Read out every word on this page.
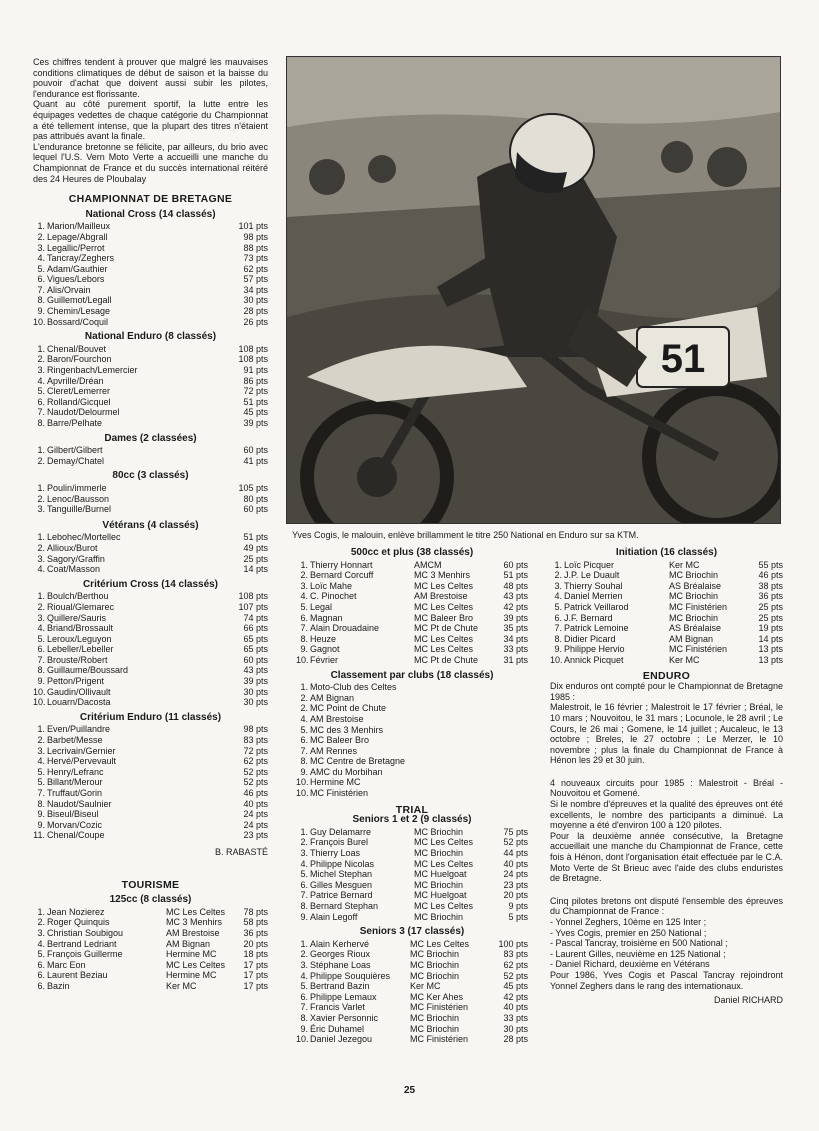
Ces chiffres tendent à prouver que malgré les mauvaises conditions climatiques de début de saison et la baisse du pouvoir d'achat que doivent aussi subir les pilotes, l'endurance est florissante.

Quant au côté purement sportif, la lutte entre les équipages vedettes de chaque catégorie du Championnat a été tellement intense, que la plupart des titres n'étaient pas attribués avant la finale.

L'endurance bretonne se félicite, par ailleurs, du brio avec lequel l'U.S. Vern Moto Verte a accueilli une manche du Championnat de France et du succès international réitéré des 24 Heures de Ploubalay

CHAMPIONNAT DE BRETAGNE
National Cross (14 classés)
1. Marion/Mailleux	101 pts
2. Lepage/Abgrall	98 pts
3. Legallic/Perrot	88 pts
4. Tancray/Zeghers	73 pts
5. Adam/Gauthier	62 pts
6. Vigues/Lebors	57 pts
7. Alis/Orvain	34 pts
8. Guillemot/Legall	30 pts
9. Chemin/Lesage	28 pts
10. Bossard/Coquil	26 pts
National Enduro (8 classés)
1. Chenal/Bouvet	108 pts
2. Baron/Fourchon	108 pts
3. Ringenbach/Lemercier	91 pts
4. Apvrille/Dréan	86 pts
5. Cleret/Lemerrer	72 pts
6. Rolland/Gicquel	51 pts
7. Naudot/Delourmel	45 pts
8. Barre/Pelhate	39 pts
Dames (2 classées)
1. Gilbert/Gilbert	60 pts
2. Demay/Chatel	41 pts
80cc (3 classés)
1. Poulin/immerle	105 pts
2. Lenoc/Bausson	80 pts
3. Tanguille/Burnel	60 pts
Vétérans (4 classés)
1. Lebohec/Mortellec	51 pts
2. Allioux/Burot	49 pts
3. Sagory/Graffin	25 pts
4. Coat/Masson	14 pts
Critérium Cross (14 classés)
1. Boulch/Berthou	108 pts
2. Rioual/Glemarec	107 pts
3. Quillere/Sauris	74 pts
4. Briand/Brossault	66 pts
5. Leroux/Leguyon	65 pts
6. Lebeller/Lebeller	65 pts
7. Brouste/Robert	60 pts
8. Guillaume/Boussard	43 pts
9. Petton/Prigent	39 pts
10. Gaudin/Ollivault	30 pts
10. Louarn/Dacosta	30 pts
Critérium Enduro (11 classés)
1. Even/Puillandre	98 pts
2. Barbet/Messe	83 pts
3. Lecrivain/Gernier	72 pts
4. Hervé/Pervevault	62 pts
5. Henry/Lefranc	52 pts
5. Billant/Merour	52 pts
7. Truffaut/Gorin	46 pts
8. Naudot/Saulnier	40 pts
9. Biseul/Biseul	24 pts
9. Morvan/Cozic	24 pts
11. Chenal/Coupe	23 pts
B. RABASTÉ
TOURISME
125cc (8 classés)
1. Jean Nozierez	MC Les Celtes	78 pts
2. Roger Quinquis	MC 3 Menhirs	58 pts
3. Christian Soubigou	AM Brestoise	36 pts
4. Bertrand Ledriant	AM Bignan	20 pts
5. François Guillerme	Hermine MC	18 pts
6. Marc Eon	MC Les Celtes	17 pts
6. Laurent Beziau	Hermine MC	17 pts
6. Bazin	Ker MC	17 pts
51
Yves Cogis, le malouin, enlève brillamment le titre 250 National en Enduro sur sa KTM.
500cc et plus (38 classés)
1. Thierry Honnart	AMCM	60 pts
2. Bernard Corcuff	MC 3 Menhirs	51 pts
3. Loïc Mahe	MC Les Celtes	48 pts
4. C. Pinochet	AM Brestoise	43 pts
5. Legal	MC Les Celtes	42 pts
6. Magnan	MC Baleer Bro	39 pts
7. Alain Drouadaine	MC Pt de Chute	35 pts
8. Heuze	MC Les Celtes	34 pts
9. Gagnot	MC Les Celtes	33 pts
10. Février	MC Pt de Chute	31 pts
Classement par clubs (18 classés)
1. Moto-Club des Celtes
2. AM Bignan
2. MC Point de Chute
4. AM Brestoise
5. MC des 3 Menhirs
6. MC Baleer Bro
7. AM Rennes
8. MC Centre de Bretagne
9. AMC du Morbihan
10. Hermine MC
10. MC Finistérien
TRIAL
Seniors 1 et 2 (9 classés)
1. Guy Delamarre	MC Briochin	75 pts
2. François Burel	MC Les Celtes	52 pts
3. Thierry Loas	MC Briochin	44 pts
4. Philippe Nicolas	MC Les Celtes	40 pts
5. Michel Stephan	MC Huelgoat	24 pts
6. Gilles Mesguen	MC Briochin	23 pts
7. Patrice Bernard	MC Huelgoat	20 pts
8. Bernard Stephan	MC Les Celtes	9 pts
9. Alain Legoff	MC Briochin	5 pts
Seniors 3 (17 classés)
1. Alain Kerhervé	MC Les Celtes	100 pts
2. Georges Rioux	MC Briochin	83 pts
3. Stéphane Loas	MC Briochin	62 pts
4. Philippe Souquières	MC Briochin	52 pts
5. Bertrand Bazin	Ker MC	45 pts
6. Philippe Lemaux	MC Ker Ahes	42 pts
7. Francis Varlet	MC Finistérien	40 pts
8. Xavier Personnic	MC Briochin	33 pts
9. Éric Duhamel	MC Briochin	30 pts
10. Daniel Jezegou	MC Finistérien	28 pts
Initiation (16 classés)
1. Loïc Picquer	Ker MC	55 pts
2. J.P. Le Duault	MC Briochin	46 pts
3. Thierry Souhal	AS Bréalaise	38 pts
4. Daniel Merrien	MC Briochin	36 pts
5. Patrick Veillarod	MC Finistérien	25 pts
6. J.F. Bernard	MC Briochin	25 pts
7. Patrick Lemoine	AS Bréalaise	19 pts
8. Didier Picard	AM Bignan	14 pts
9. Philippe Hervio	MC Finistérien	13 pts
10. Annick Picquet	Ker MC	13 pts
ENDURO

Dix enduros ont compté pour le Championnat de Bretagne 1985 :

Malestroit, le 16 février ; Malestroit le 17 février ; Bréal, le 10 mars ; Nouvoitou, le 31 mars ; Locunole, le 28 avril ; Le Cours, le 26 mai ; Gomene, le 14 juillet ; Aucaleuc, le 13 octobre ; Breles, le 27 octobre ; Le Merzer, le 10 novembre ; plus la finale du Championnat de France à Hénon les 29 et 30 juin.

4 nouveaux circuits pour 1985 : Malestroit - Bréal - Nouvoitou et Gomené.

Si le nombre d'épreuves et la qualité des épreuves ont été excellents, le nombre des participants a diminué. La moyenne a été d'environ 100 à 120 pilotes.

Pour la deuxième année consécutive, la Bretagne accueillait une manche du Championnat de France, cette fois à Hénon, dont l'organisation était effectuée par le C.A. Moto Verte de St Brieuc avec l'aide des clubs enduristes de Bretagne.

Cinq pilotes bretons ont disputé l'ensemble des épreuves du Championnat de France :

- Yonnel Zeghers, 10ème en 125 Inter ;

- Yves Cogis, premier en 250 National ;

- Pascal Tancray, troisième en 500 National ;

- Laurent Gilles, neuvième en 125 National ;

- Daniel Richard, deuxième en Vétérans

Pour 1986, Yves Cogis et Pascal Tancray rejoindront Yonnel Zeghers dans le rang des internationaux.

Daniel RICHARD
25
